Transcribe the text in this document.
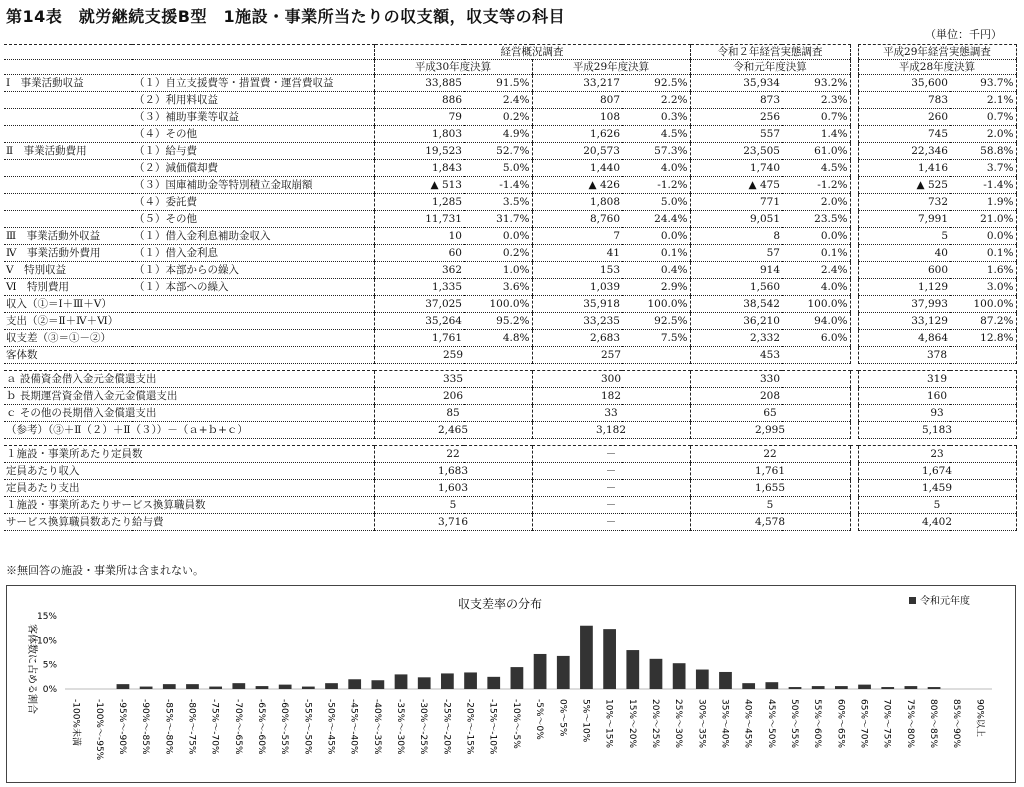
第14表　就労継続支援B型　1施設・事業所当たりの収支額，収支等の科目
（単位：千円）
		経営概況調査				令和２年経営実態調査			平成29年経営実態調査	
		平成30年度決算		平成29年度決算		令和元年度決算			平成28年度決算	
Ⅰ　事業活動収益	（１）自立支援費等・措置費・運営費収益	33,885	91.5%	33,217	92.5%	35,934	93.2%		35,600	93.7%
	（２）利用料収益	886	2.4%	807	2.2%	873	2.3%		783	2.1%
	（３）補助事業等収益	79	0.2%	108	0.3%	256	0.7%		260	0.7%
	（４）その他	1,803	4.9%	1,626	4.5%	557	1.4%		745	2.0%
Ⅱ　事業活動費用	（１）給与費	19,523	52.7%	20,573	57.3%	23,505	61.0%		22,346	58.8%
	（２）減価償却費	1,843	5.0%	1,440	4.0%	1,740	4.5%		1,416	3.7%
	（３）国庫補助金等特別積立金取崩額	▲ 513	-1.4%	▲ 426	-1.2%	▲ 475	-1.2%		▲ 525	-1.4%
	（４）委託費	1,285	3.5%	1,808	5.0%	771	2.0%		732	1.9%
	（５）その他	11,731	31.7%	8,760	24.4%	9,051	23.5%		7,991	21.0%
Ⅲ　事業活動外収益	（１）借入金利息補助金収入	10	0.0%	7	0.0%	8	0.0%		5	0.0%
Ⅳ　事業活動外費用	（１）借入金利息	60	0.2%	41	0.1%	57	0.1%		40	0.1%
Ⅴ　特別収益	（１）本部からの繰入	362	1.0%	153	0.4%	914	2.4%		600	1.6%
Ⅵ　特別費用	（１）本部への繰入	1,335	3.6%	1,039	2.9%	1,560	4.0%		1,129	3.0%
収入（①＝Ⅰ＋Ⅲ＋Ⅴ）		37,025	100.0%	35,918	100.0%	38,542	100.0%		37,993	100.0%
支出（②＝Ⅱ＋Ⅳ＋Ⅵ）		35,264	95.2%	33,235	92.5%	36,210	94.0%		33,129	87.2%
収支差（③＝①－②）		1,761	4.8%	2,683	7.5%	2,332	6.0%		4,864	12.8%
客体数		259		257		453			378	

ａ 設備資金借入金元金償還支出		335		300		330			319	
ｂ 長期運営資金借入金元金償還支出		206		182		208			160	
ｃ その他の長期借入金償還支出		85		33		65			93	
（参考）（③＋Ⅱ（２）＋Ⅱ（３））－（ａ+ｂ+ｃ）		2,465		3,182		2,995			5,183	

１施設・事業所あたり定員数		22		－		22			23	
定員あたり収入		1,683		－		1,761			1,674	
定員あたり支出		1,603		－		1,655			1,459	
１施設・事業所あたりサービス換算職員数		5		－		5			5	
サービス換算職員数あたり給与費		3,716		－		4,578			4,402	
※無回答の施設・事業所は含まれない。
収支差率の分布	令和元年度
客体数に占める割合 0%
5%
10%
15%
-100%未満 -100%～-95% -95%～-90% -90%～-85% -85%～-80% -80%～-75% -75%～-70% -70%～-65% -65%～-60% -60%～-55% -55%～-50% -50%～-45% -45%～-40% -40%～-35% -35%～-30% -30%～-25% -25%～-20% -20%～-15% -15%～-10% -10%～-5% -5%～0% 0%～5% 5%～10% 10%～15% 15%～20% 20%～25% 25%～30% 30%～35% 35%～40% 40%～45% 45%～50% 50%～55% 55%～60% 60%～65% 65%～70% 70%～75% 75%～80% 80%～85% 85%～90% 90%以上
